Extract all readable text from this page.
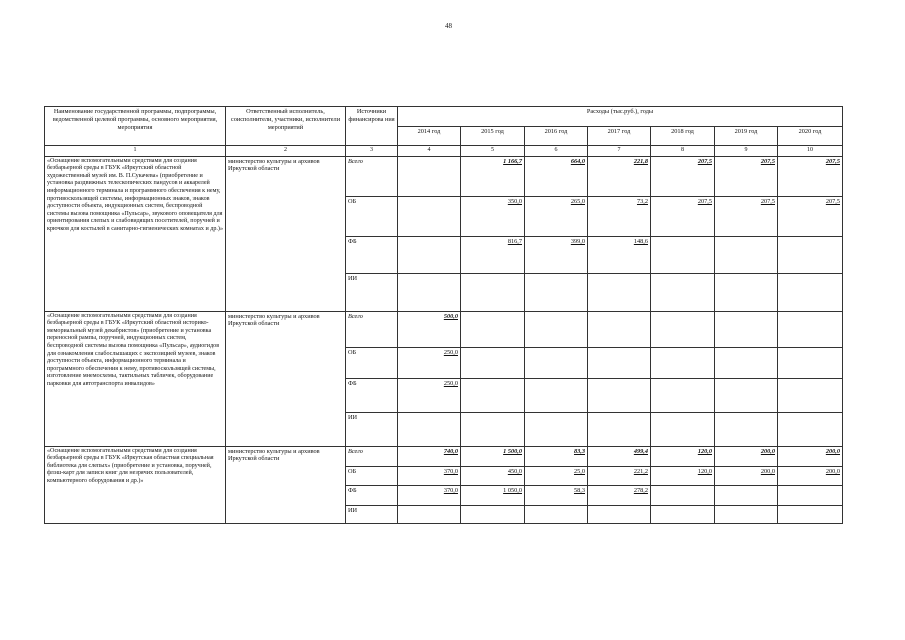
48
Наименование государственной программы, подпрограммы, ведомственной целевой программы, основного мероприятия, мероприятия	Ответственный исполнитель, соисполнители, участники, исполнители мероприятий	Источники финансирова ния	Расходы (тыс.руб.), годы						
			2014 год	2015 год	2016 год	2017 год	2018 год	2019 год	2020 год
1	2	3	4	5	6	7	8	9	10
«Оснащение вспомогательными средствами для создания безбарьерной среды в ГБУК «Иркутский областной художественный музей им. В. П.Сукачева» (приобретение и установка раздвижных телескопических пандусов и аккарелей информационного терминала и программного обеспечения к нему, противоскользящей системы, информационных знаков, знаков доступности объекта, индукционных систем, беспроводной системы вызова помощника «Пульсар», звукового оповещателя для ориентирования слепых и слабовидящих посетителей, поручней и крючков для костылей в санитарно-гигиенических комнатах и др.)»	министерство культуры и архивов Иркутской области	Всего		1 166,7	664,0	221,8	207,5	207,5	207,5
		ОБ		350,0	265,0	73,2	207,5	207,5	207,5
		ФБ		816,7	399,0	148,6			
		ИИ							
«Оснащение вспомогательными средствами для создания безбарьерной среды в ГБУК «Иркутский областной историко-мемориальный музей декабристов» (приобретение и установка переносной рампы, поручней, индукционных систем, беспроводной системы вызова помощника «Пульсар», аудиогидов для ознакомления слабослышащих с экспозицией музеев, знаков доступности объекта, информационного терминала и программного обеспечения к нему, противоскользящей системы, изготовление мнемосхемы, тактильных табличек, оборудование парковки для автотранспорта инвалидов»	министерство культуры и архивов Иркутской области	Всего	500,0						
		ОБ	250,0						
		ФБ	250,0						
		ИИ							
«Оснащение вспомогательными средствами для создания безбарьерной среды в ГБУК «Иркутская областная специальная библиотека для слепых» (приобретение и установка, поручней, флэш-карт для записи книг для незрячих пользователей, компьютерного оборудования и др.)»	министерство культуры и архивов Иркутской области	Всего	740,0	1 500,0	83,3	499,4	120,0	200,0	200,0
		ОБ	370,0	450,0	25,0	221,2	120,0	200,0	200,0
		ФБ	370,0	1 050,0	58,3	278,2			
		ИИ							
